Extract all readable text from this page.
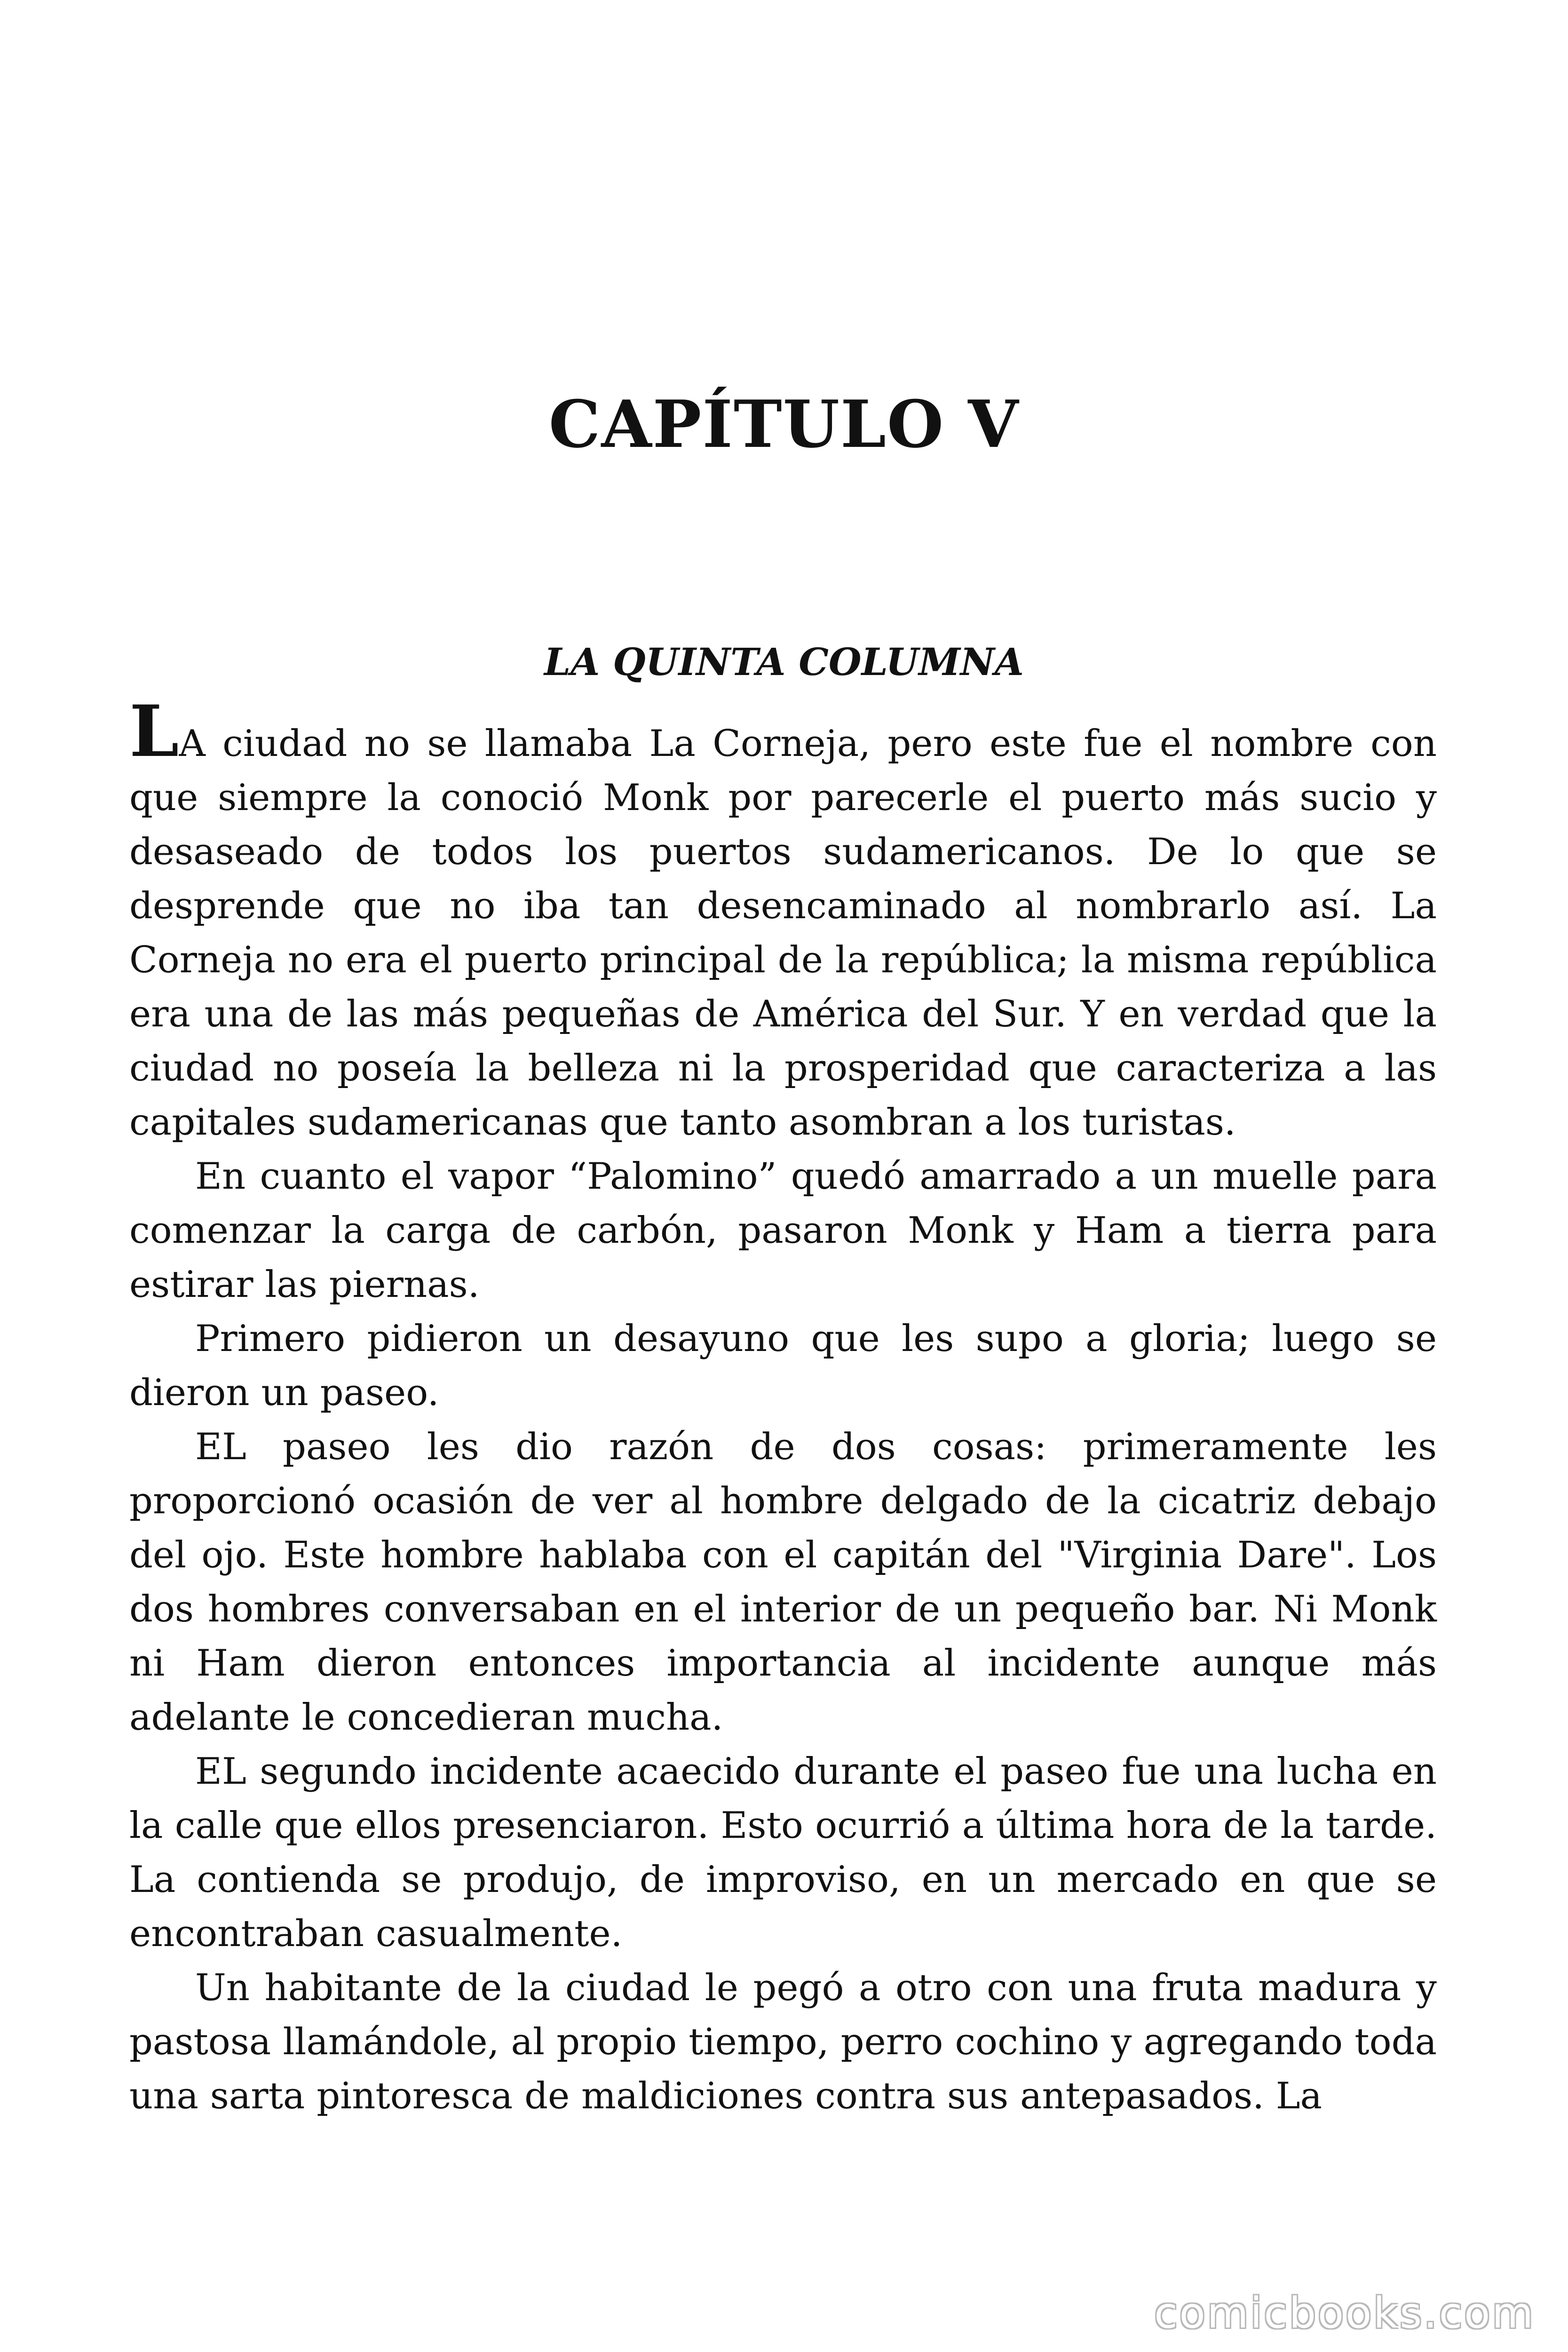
CAPÍTULO V
LA QUINTA COLUMNA

LA ciudad no se llamaba La Corneja, pero este fue el nombre con que siempre la conoció Monk por parecerle el puerto más sucio y desaseado de todos los puertos sudamericanos. De lo que se desprende que no iba tan desencaminado al nombrarlo así. La Corneja no era el puerto principal de la república; la misma república era una de las más pequeñas de América del Sur. Y en verdad que la ciudad no poseía la belleza ni la prosperidad que caracteriza a las capitales sudamericanas que tanto asombran a los turistas.

En cuanto el vapor “Palomino” quedó amarrado a un muelle para comenzar la carga de carbón, pasaron Monk y Ham a tierra para estirar las piernas.

Primero pidieron un desayuno que les supo a gloria; luego se dieron un paseo.

EL paseo les dio razón de dos cosas: primeramente les proporcionó ocasión de ver al hombre delgado de la cicatriz debajo del ojo. Este hombre hablaba con el capitán del "Virginia Dare". Los dos hombres conversaban en el interior de un pequeño bar. Ni Monk ni Ham dieron entonces importancia al incidente aunque más adelante le concedieran mucha.

EL segundo incidente acaecido durante el paseo fue una lucha en la calle que ellos presenciaron. Esto ocurrió a última hora de la tarde. La contienda se produjo, de improviso, en un mercado en que se encontraban casualmente.

Un habitante de la ciudad le pegó a otro con una fruta madura y pastosa llamándole, al propio tiempo, perro cochino y agregando toda una sarta pintoresca de maldiciones contra sus antepasados. La

comicbooks.com
